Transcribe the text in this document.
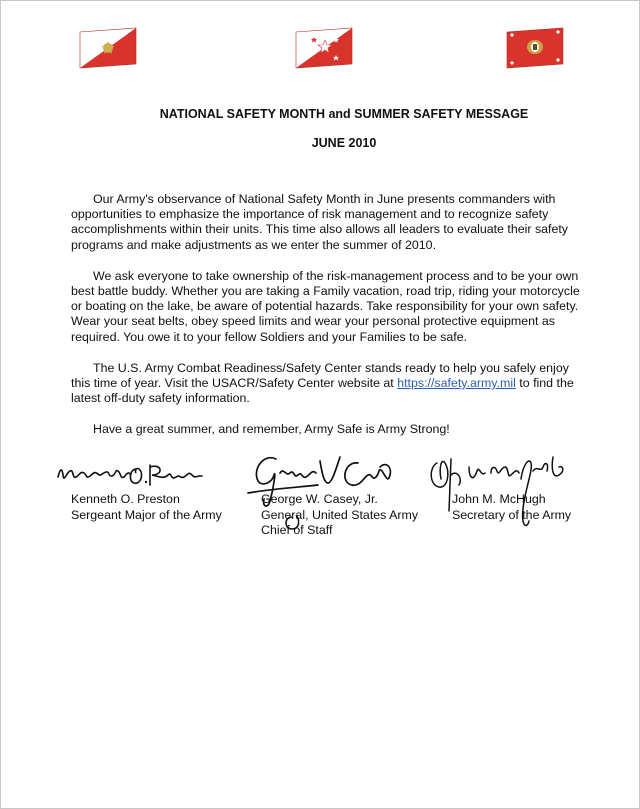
NATIONAL SAFETY MONTH and SUMMER SAFETY MESSAGE
JUNE 2010

Our Army's observance of National Safety Month in June presents commanders with opportunities to emphasize the importance of risk management and to recognize safety accomplishments within their units. This time also allows all leaders to evaluate their safety programs and make adjustments as we enter the summer of 2010.

We ask everyone to take ownership of the risk-management process and to be your own best battle buddy. Whether you are taking a Family vacation, road trip, riding your motorcycle or boating on the lake, be aware of potential hazards. Take responsibility for your own safety. Wear your seat belts, obey speed limits and wear your personal protective equipment as required. You owe it to your fellow Soldiers and your Families to be safe.

The U.S. Army Combat Readiness/Safety Center stands ready to help you safely enjoy this time of year. Visit the USACR/Safety Center website at https://safety.army.mil to find the latest off-duty safety information.

Have a great summer, and remember, Army Safe is Army Strong!

Kenneth O. Preston
Sergeant Major of the Army
George W. Casey, Jr.
General, United States Army
Chief of Staff
John M. McHugh
Secretary of the Army
